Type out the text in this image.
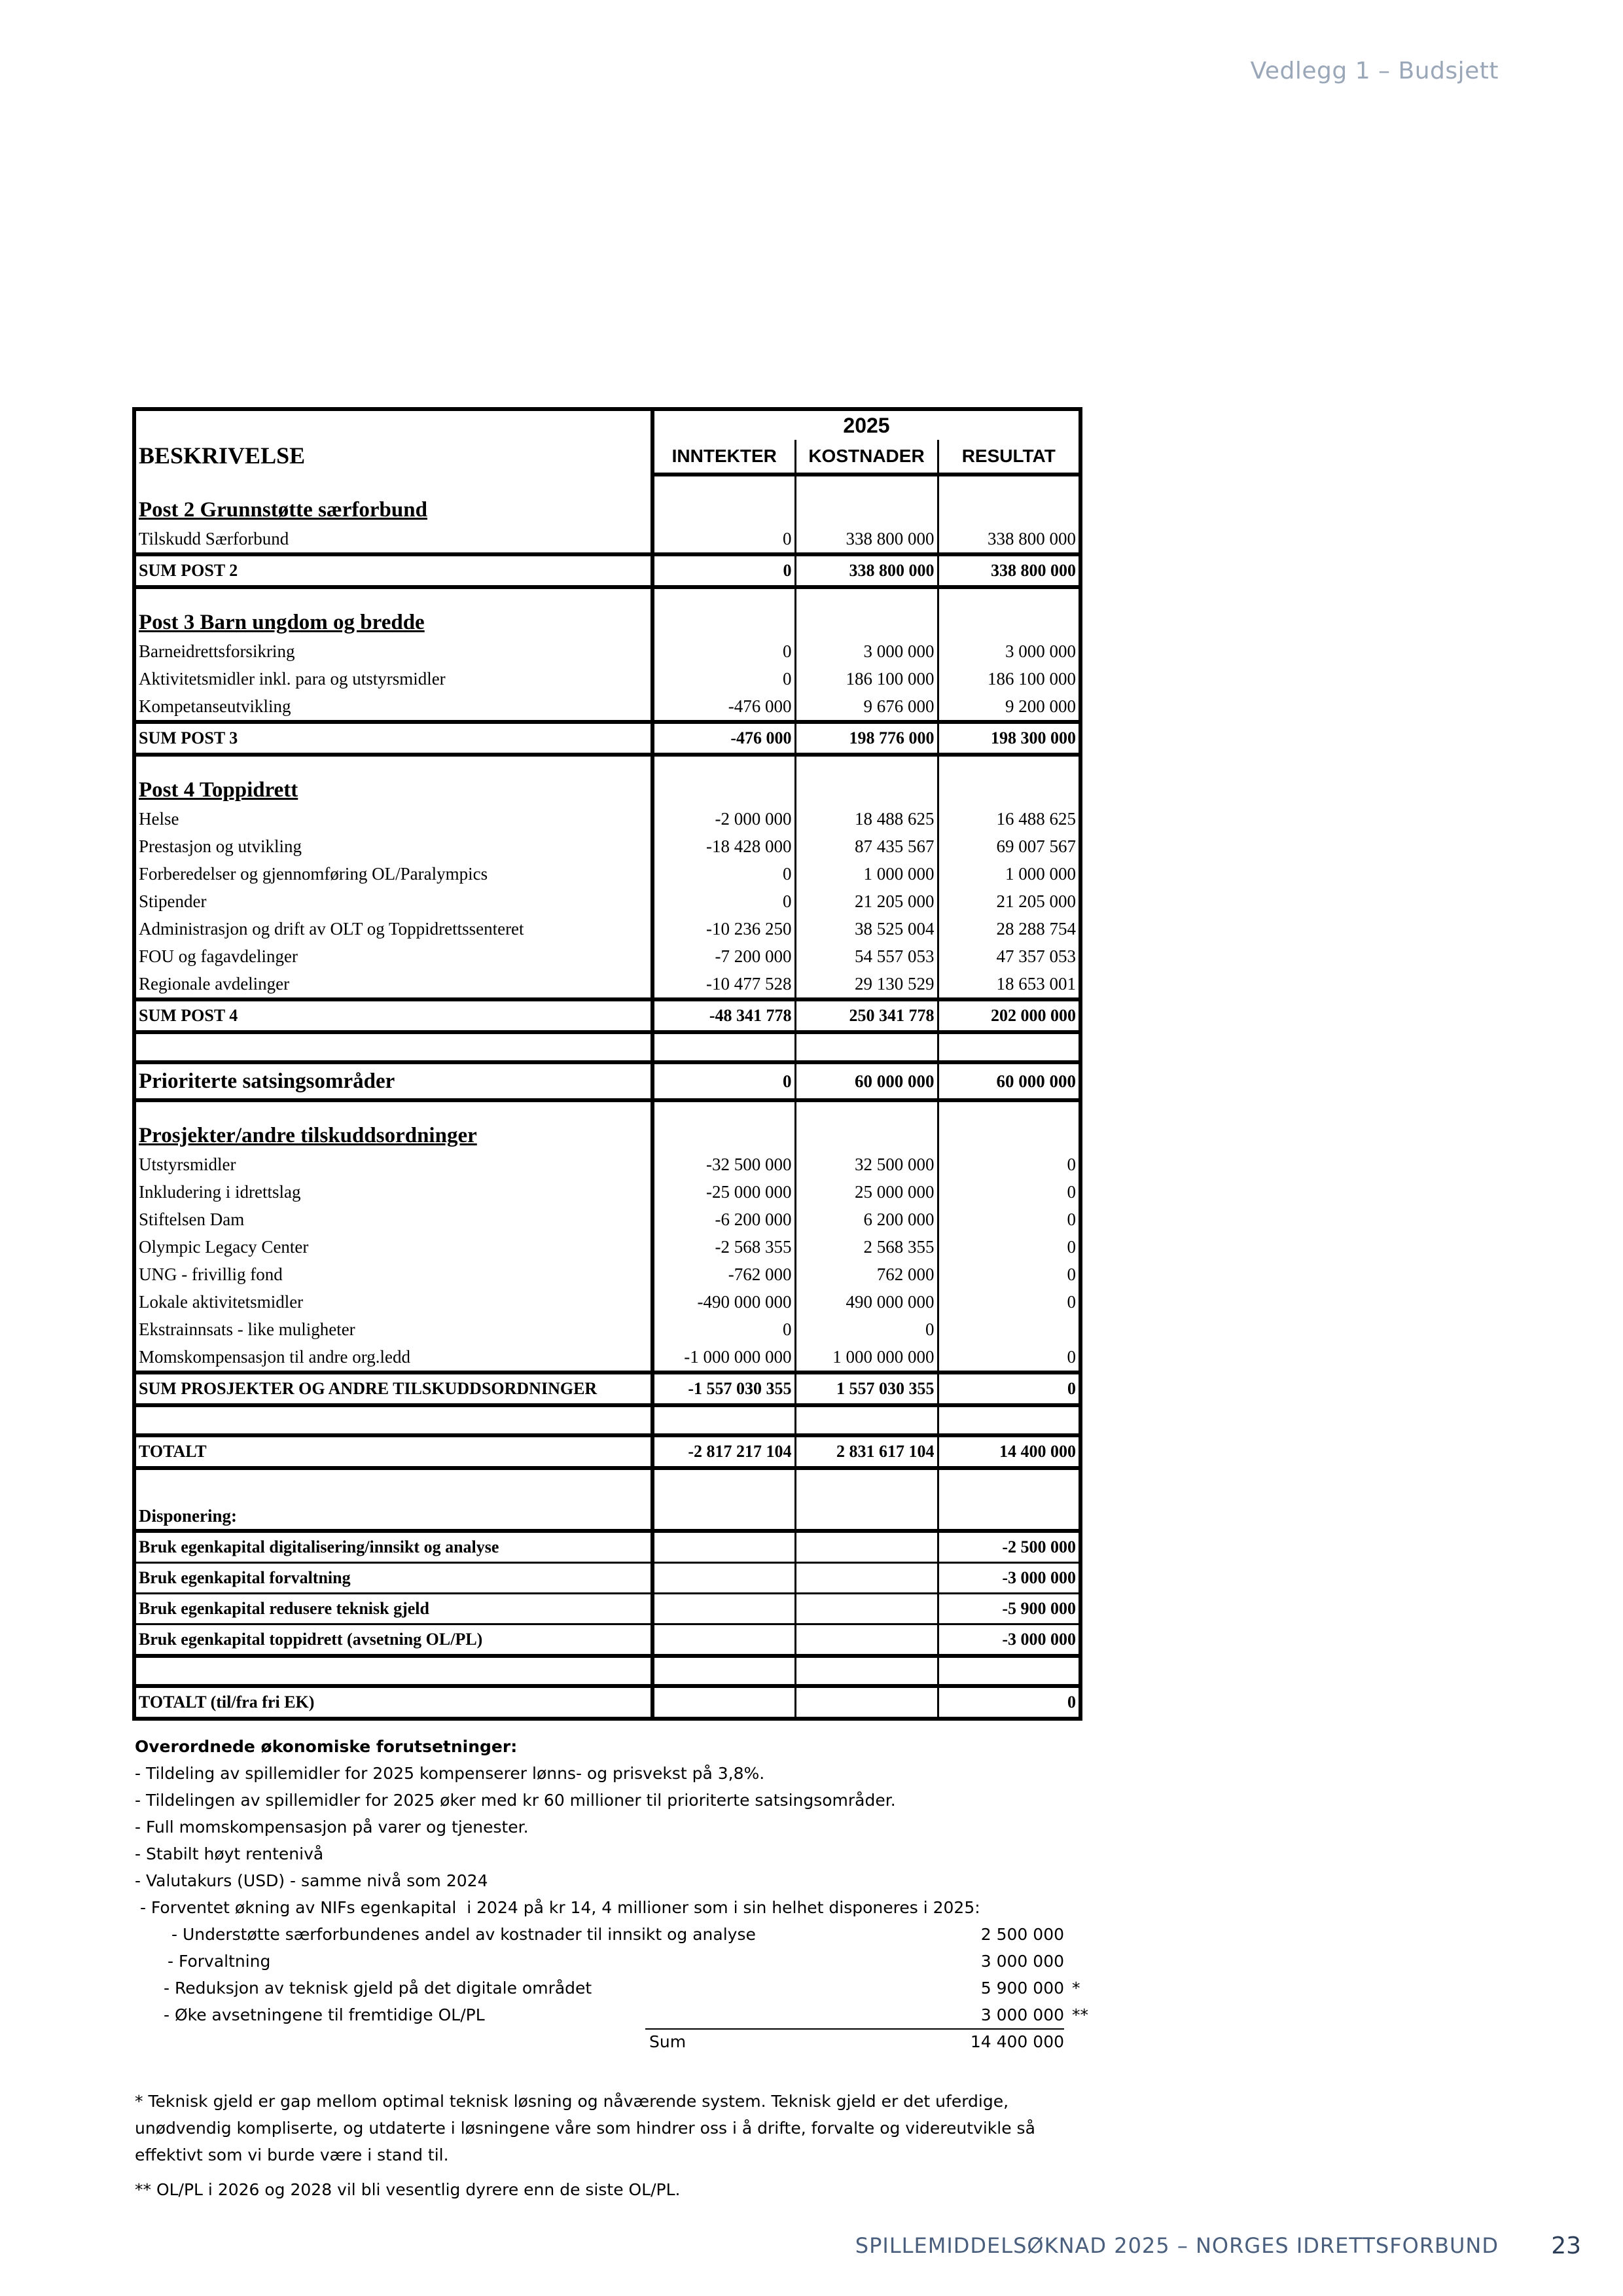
Vedlegg 1 – Budsjett
BESKRIVELSE	2025		
	INNTEKTER	KOSTNADER	RESULTAT
Post 2 Grunnstøtte særforbund			
Tilskudd Særforbund	0	338 800 000	338 800 000
SUM POST 2	0	338 800 000	338 800 000
Post 3 Barn ungdom og bredde			
Barneidrettsforsikring	0	3 000 000	3 000 000
Aktivitetsmidler inkl. para og utstyrsmidler	0	186 100 000	186 100 000
Kompetanseutvikling	-476 000	9 676 000	9 200 000
SUM POST 3	-476 000	198 776 000	198 300 000
Post 4 Toppidrett			
Helse	-2 000 000	18 488 625	16 488 625
Prestasjon og utvikling	-18 428 000	87 435 567	69 007 567
Forberedelser og gjennomføring OL/Paralympics	0	1 000 000	1 000 000
Stipender	0	21 205 000	21 205 000
Administrasjon og drift av OLT og Toppidrettssenteret	-10 236 250	38 525 004	28 288 754
FOU og fagavdelinger	-7 200 000	54 557 053	47 357 053
Regionale avdelinger	-10 477 528	29 130 529	18 653 001
SUM POST 4	-48 341 778	250 341 778	202 000 000

Prioriterte satsingsområder	0	60 000 000	60 000 000
Prosjekter/andre tilskuddsordninger			
Utstyrsmidler	-32 500 000	32 500 000	0
Inkludering i idrettslag	-25 000 000	25 000 000	0
Stiftelsen Dam	-6 200 000	6 200 000	0
Olympic Legacy Center	-2 568 355	2 568 355	0
UNG - frivillig fond	-762 000	762 000	0
Lokale aktivitetsmidler	-490 000 000	490 000 000	0
Ekstrainnsats - like muligheter	0	0	
Momskompensasjon til andre org.ledd	-1 000 000 000	1 000 000 000	0
SUM PROSJEKTER OG ANDRE TILSKUDDSORDNINGER	-1 557 030 355	1 557 030 355	0

TOTALT	-2 817 217 104	2 831 617 104	14 400 000
Disponering:			
Bruk egenkapital digitalisering/innsikt og analyse			-2 500 000
Bruk egenkapital forvaltning			-3 000 000
Bruk egenkapital redusere teknisk gjeld			-5 900 000
Bruk egenkapital toppidrett (avsetning OL/PL)			-3 000 000

TOTALT (til/fra fri EK)			0
Overordnede økonomiske forutsetninger:
- Tildeling av spillemidler for 2025 kompenserer lønns- og prisvekst på 3,8%.
- Tildelingen av spillemidler for 2025 øker med kr 60 millioner til prioriterte satsingsområder.
- Full momskompensasjon på varer og tjenester.
- Stabilt høyt rentenivå
- Valutakurs (USD) - samme nivå som 2024
- Forventet økning av NIFs egenkapital  i 2024 på kr 14, 4 millioner som i sin helhet disponeres i 2025:
- Understøtte særforbundenes andel av kostnader til innsikt og analyse	2 500 000
- Forvaltning	3 000 000
- Reduksjon av teknisk gjeld på det digitale området	5 900 000 *
- Øke avsetningene til fremtidige OL/PL	3 000 000 **
Sum	14 400 000

* Teknisk gjeld er gap mellom optimal teknisk løsning og nåværende system. Teknisk gjeld er det uferdige, unødvendig kompliserte, og utdaterte i løsningene våre som hindrer oss i å drifte, forvalte og videreutvikle så effektivt som vi burde være i stand til.

** OL/PL i 2026 og 2028 vil bli vesentlig dyrere enn de siste OL/PL.

SPILLEMIDDELSØKNAD 2025 – NORGES IDRETTSFORBUND 23
